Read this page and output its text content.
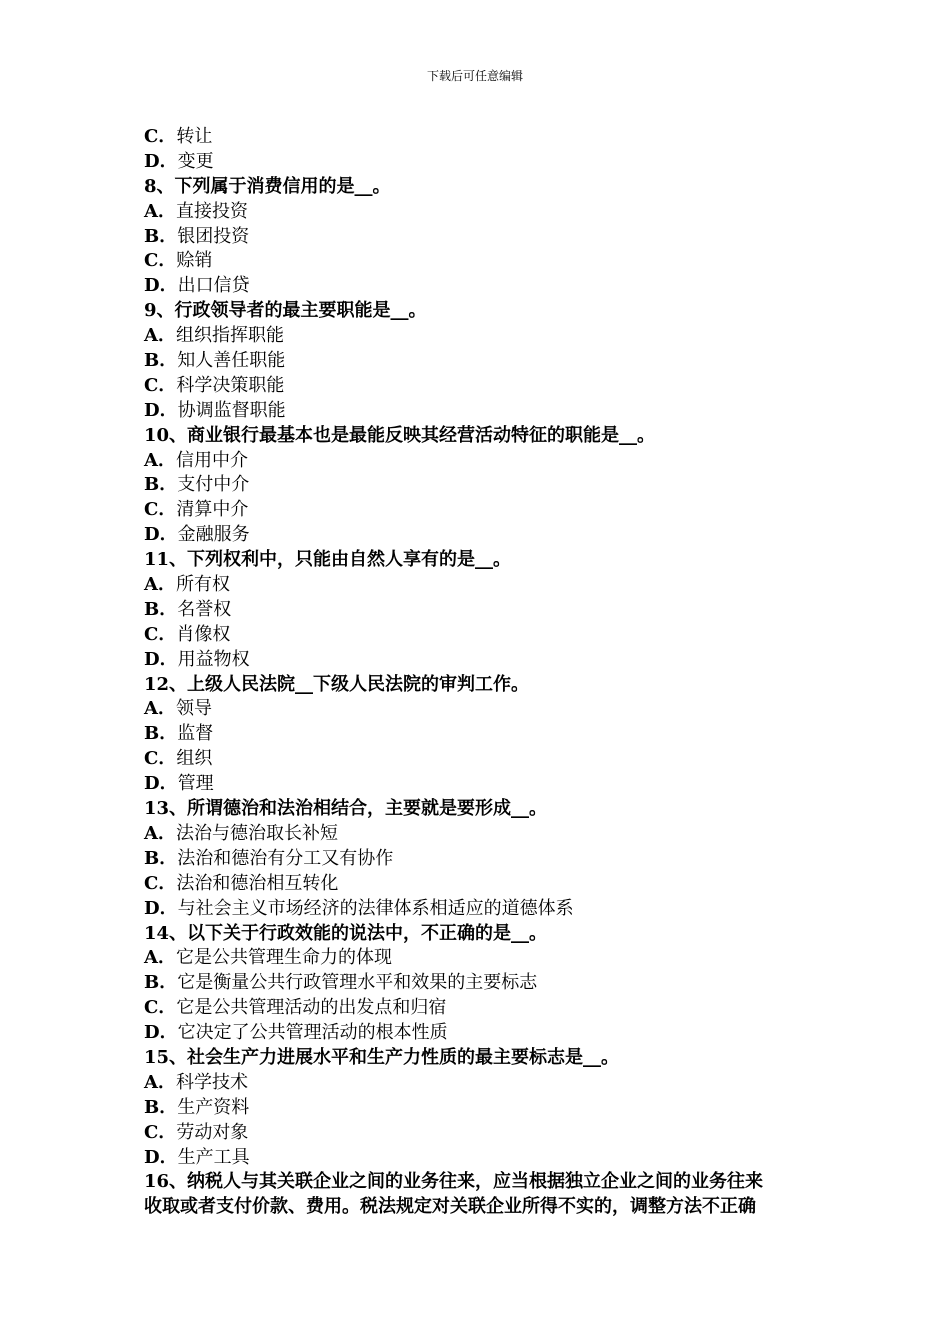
下载后可任意编辑
C．转让
D．变更
8、下列属于消费信用的是__。
A．直接投资
B．银团投资
C．赊销
D．出口信贷
9、行政领导者的最主要职能是__。
A．组织指挥职能
B．知人善任职能
C．科学决策职能
D．协调监督职能
10、商业银行最基本也是最能反映其经营活动特征的职能是__。
A．信用中介
B．支付中介
C．清算中介
D．金融服务
11、下列权利中，只能由自然人享有的是__。
A．所有权
B．名誉权
C．肖像权
D．用益物权
12、上级人民法院__下级人民法院的审判工作。
A．领导
B．监督
C．组织
D．管理
13、所谓德治和法治相结合，主要就是要形成__。
A．法治与德治取长补短
B．法治和德治有分工又有协作
C．法治和德治相互转化
D．与社会主义市场经济的法律体系相适应的道德体系
14、以下关于行政效能的说法中，不正确的是__。
A．它是公共管理生命力的体现
B．它是衡量公共行政管理水平和效果的主要标志
C．它是公共管理活动的出发点和归宿
D．它决定了公共管理活动的根本性质
15、社会生产力进展水平和生产力性质的最主要标志是__。
A．科学技术
B．生产资料
C．劳动对象
D．生产工具
16、纳税人与其关联企业之间的业务往来，应当根据独立企业之间的业务往来
收取或者支付价款、费用。税法规定对关联企业所得不实的，调整方法不正确
